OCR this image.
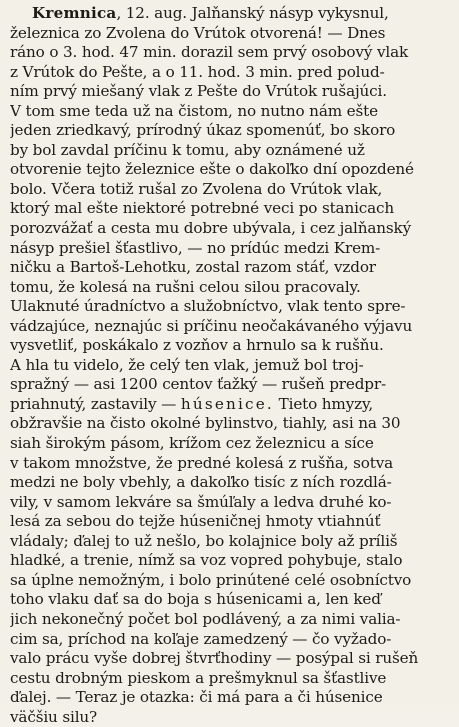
Kremnica, 12. aug. Jalňanský násyp vykysnul,
železnica zo Zvolena do Vrútok otvorená! — Dnes
ráno o 3. hod. 47 min. dorazil sem prvý osobový vlak
z Vrútok do Pešte, a o 11. hod. 3 min. pred polud-
ním prvý miešaný vlak z Pešte do Vrútok rušajúci.
V tom sme teda už na čistom, no nutno nám ešte
jeden zriedkavý, prírodný úkaz spomenúť, bo skoro
by bol zavdal príčinu k tomu, aby oznámené už
otvorenie tejto železnice ešte o dakoľko dní opozdené
bolo. Včera totiž rušal zo Zvolena do Vrútok vlak,
ktorý mal ešte niektoré potrebné veci po stanicach
porozvážať a cesta mu dobre ubývala, i cez jalňanský
násyp prešiel šťastlivo, — no prídúc medzi Krem-
ničku a Bartoš-Lehotku, zostal razom stáť, vzdor
tomu, že kolesá na rušni celou silou pracovaly.
Ulaknuté úradníctvo a služobníctvo, vlak tento spre-
vádzajúce, neznajúc si príčinu neočakávaného výjavu
vysvetliť, poskákalo z vozňov a hrnulo sa k rušňu.
A hla tu videlo, že celý ten vlak, jemuž bol troj-
spražný — asi 1200 centov ťažký — rušeň predpr-
priahnutý, zastavily — húsenice. Tieto hmyzy,
obžravšie na čisto okolné bylinstvo, tiahly, asi na 30
siah širokým pásom, krížom cez železnicu a síce
v takom množstve, že predné kolesá z rušňa, sotva
medzi ne boly vbehly, a dakoľko tisíc z ních rozdlá-
vily, v samom lekváre sa šmúľaly a ledva druhé ko-
lesá za sebou do tejže húseničnej hmoty vtiahnúť
vládaly; ďalej to už nešlo, bo kolajnice boly až príliš
hladké, a trenie, nímž sa voz vopred pohybuje, stalo
sa úplne nemožným, i bolo prinútené celé osobníctvo
toho vlaku dať sa do boja s húsenicami a, len keď
jich nekonečný počet bol podlávený, a za nimi valia-
cim sa, príchod na koľaje zamedzený — čo vyžado-
valo prácu vyše dobrej štvrťhodiny — posýpal si rušeň
cestu drobným pieskom a prešmyknul sa šťastlive
ďalej. — Teraz je otazka: či má para a či húsenice
väčšiu silu?
